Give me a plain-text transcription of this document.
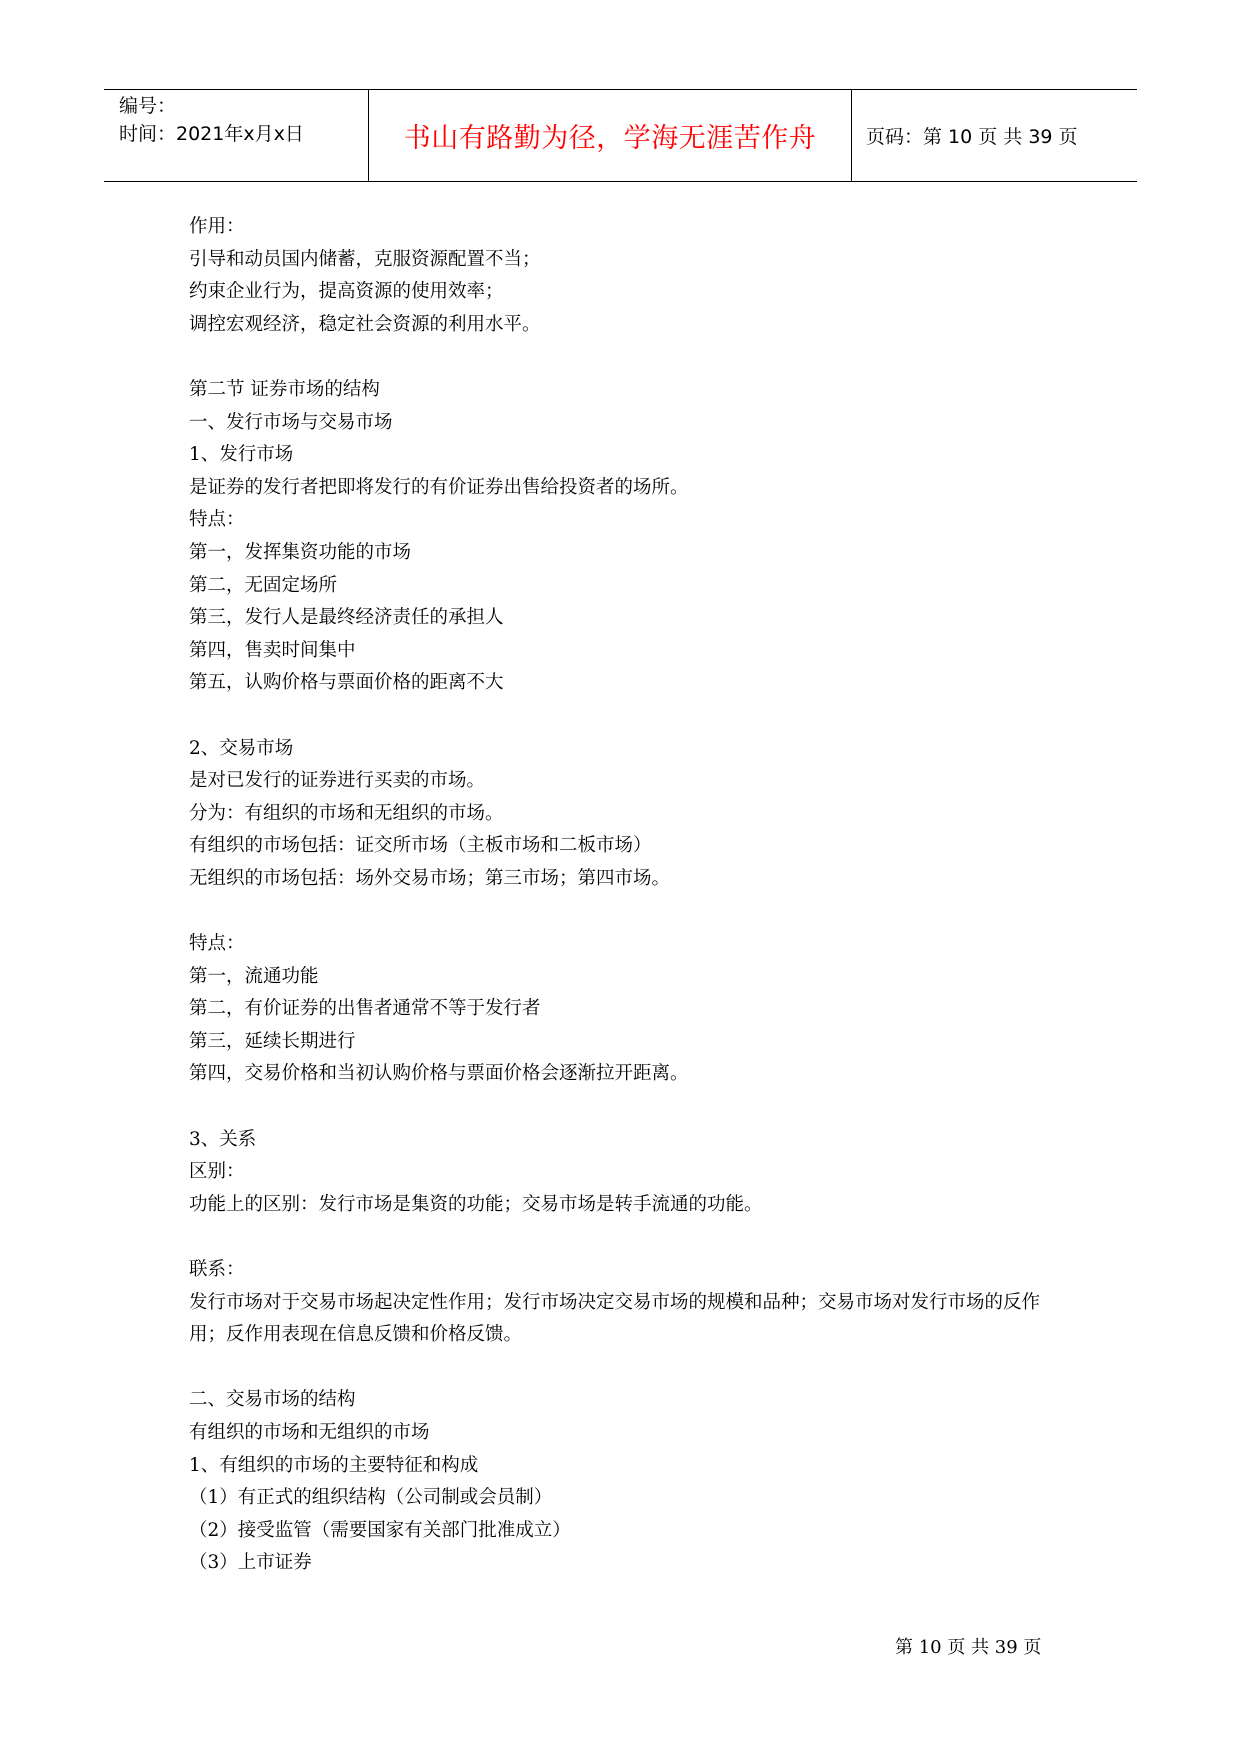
编号：
时间：2021年x月x日	书山有路勤为径，学海无涯苦作舟	页码：第 10 页 共 39 页
作用：
引导和动员国内储蓄，克服资源配置不当；
约束企业行为，提高资源的使用效率；
调控宏观经济，稳定社会资源的利用水平。
第二节 证券市场的结构
一、发行市场与交易市场
1、发行市场
是证券的发行者把即将发行的有价证券出售给投资者的场所。
特点：
第一，发挥集资功能的市场
第二，无固定场所
第三，发行人是最终经济责任的承担人
第四，售卖时间集中
第五，认购价格与票面价格的距离不大
2、交易市场
是对已发行的证券进行买卖的市场。
分为：有组织的市场和无组织的市场。
有组织的市场包括：证交所市场（主板市场和二板市场）
无组织的市场包括：场外交易市场；第三市场；第四市场。
特点：
第一，流通功能
第二，有价证券的出售者通常不等于发行者
第三，延续长期进行
第四，交易价格和当初认购价格与票面价格会逐渐拉开距离。
3、关系
区别：
功能上的区别：发行市场是集资的功能；交易市场是转手流通的功能。
联系：
发行市场对于交易市场起决定性作用；发行市场决定交易市场的规模和品种；交易市场对发行市场的反作用；反作用表现在信息反馈和价格反馈。
二、交易市场的结构
有组织的市场和无组织的市场
1、有组织的市场的主要特征和构成
（1）有正式的组织结构（公司制或会员制）
（2）接受监管（需要国家有关部门批准成立）
（3）上市证券
第 10 页 共 39 页
